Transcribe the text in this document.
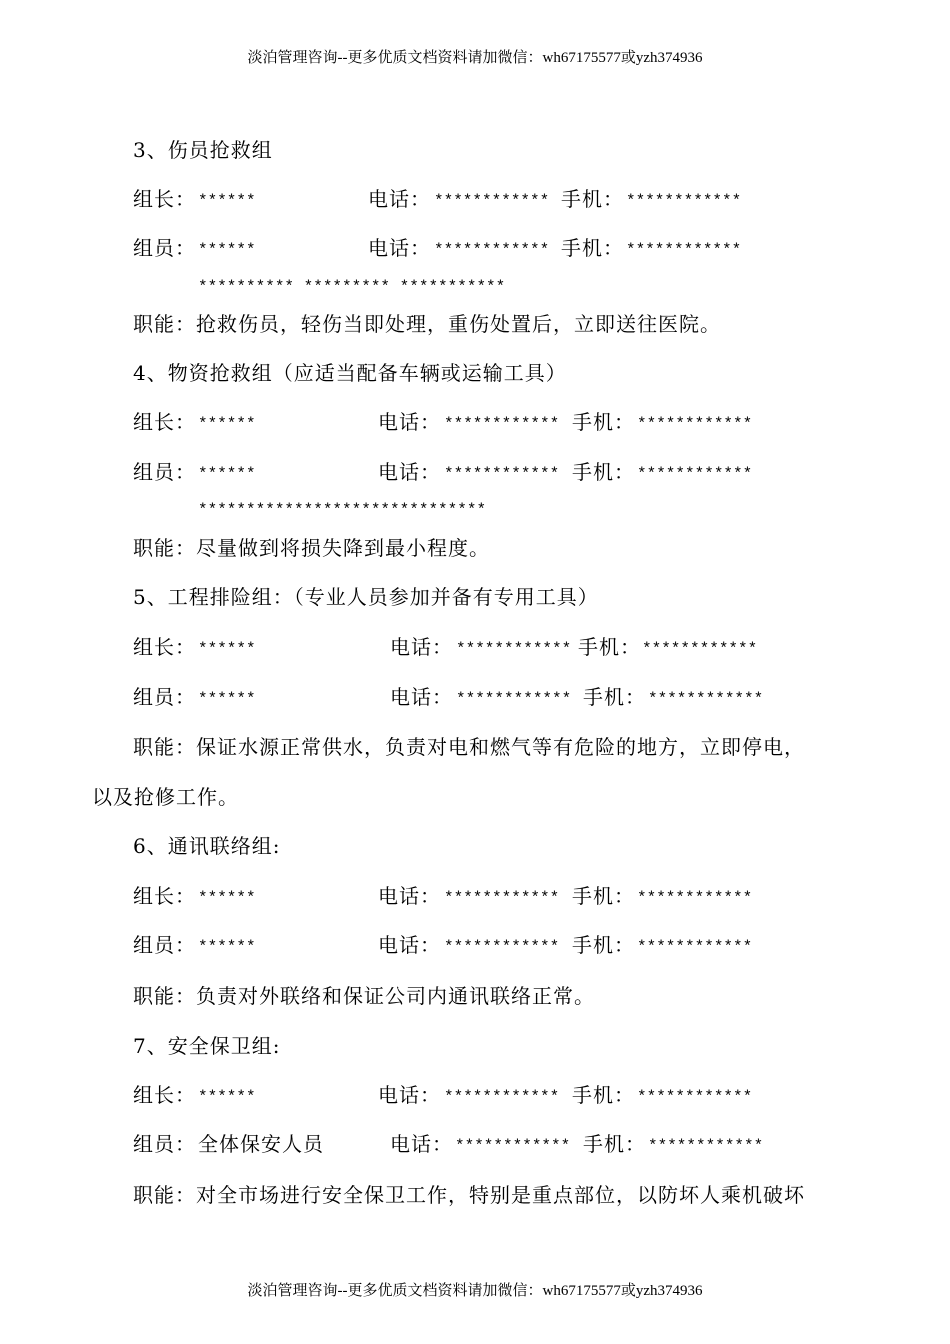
淡泊管理咨询--更多优质文档资料请加微信：wh67175577或yzh374936
3、伤员抢救组
组长： ******	电话： ************ 手机： ************
组员： ******	电话： ************ 手机： ************
********** ********* ***********
职能：抢救伤员，轻伤当即处理，重伤处置后，立即送往医院。
4、物资抢救组（应适当配备车辆或运输工具）
组长： ******	电话： ************ 手机： ************
组员： ******	电话： ************ 手机： ************
******************************
职能：尽量做到将损失降到最小程度。
5、工程排险组：（专业人员参加并备有专用工具）
组长： ******	电话： ************ 手机： ************
组员： ******	电话： ************ 手机： ************
职能：保证水源正常供水，负责对电和燃气等有危险的地方，立即停电，
以及抢修工作。
6、通讯联络组:
组长： ******	电话： ************ 手机： ************
组员： ******	电话： ************ 手机： ************
职能：负责对外联络和保证公司内通讯联络正常。
7、安全保卫组:
组长： ******	电话： ************ 手机： ************
组员： 全体保安人员	电话： ************ 手机： ************
职能：对全市场进行安全保卫工作，特别是重点部位，以防坏人乘机破坏
淡泊管理咨询--更多优质文档资料请加微信：wh67175577或yzh374936
